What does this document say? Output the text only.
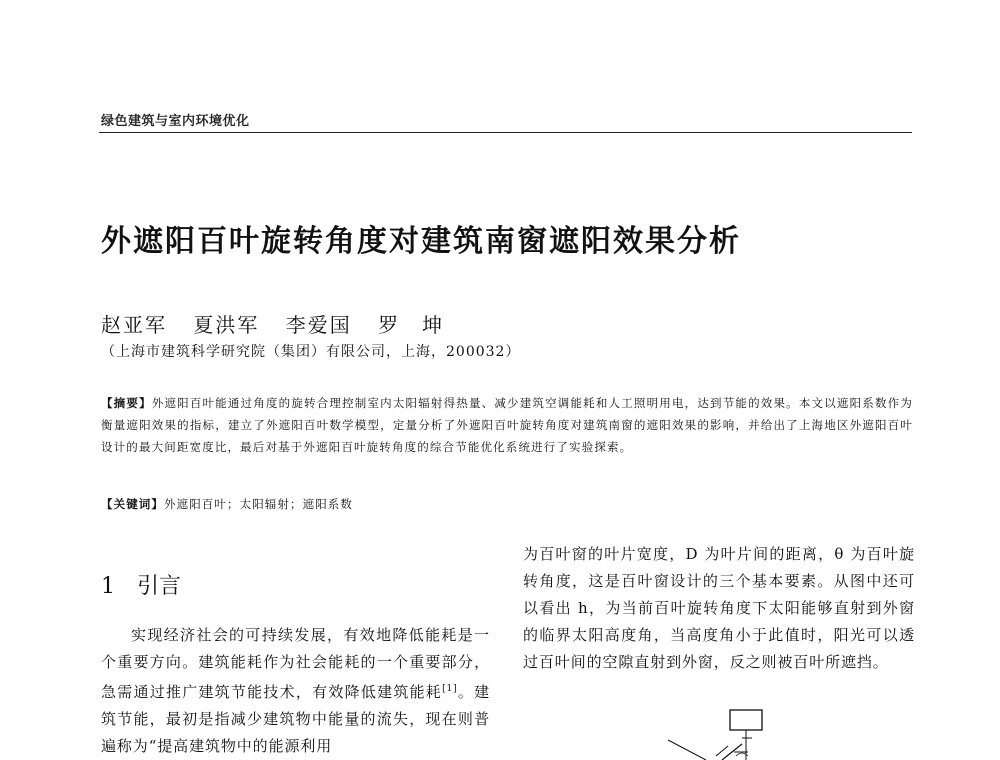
绿色建筑与室内环境优化
外遮阳百叶旋转角度对建筑南窗遮阳效果分析
赵亚军 夏洪军 李爱国 罗　坤
（上海市建筑科学研究院（集团）有限公司，上海，200032）
【摘要】外遮阳百叶能通过角度的旋转合理控制室内太阳辐射得热量、减少建筑空调能耗和人工照明用电，达到节能的效果。本文以遮阳系数作为衡量遮阳效果的指标，建立了外遮阳百叶数学模型，定量分析了外遮阳百叶旋转角度对建筑南窗的遮阳效果的影响，并给出了上海地区外遮阳百叶设计的最大间距宽度比，最后对基于外遮阳百叶旋转角度的综合节能优化系统进行了实验探索。
【关键词】外遮阳百叶；太阳辐射；遮阳系数
1 引言

实现经济社会的可持续发展，有效地降低能耗是一个重要方向。建筑能耗作为社会能耗的一个重要部分，急需通过推广建筑节能技术，有效降低建筑能耗[1]。建筑节能，最初是指减少建筑物中能量的流失，现在则普遍称为“提高建筑物中的能源利用

为百叶窗的叶片宽度，D 为叶片间的距离，θ 为百叶旋转角度，这是百叶窗设计的三个基本要素。从图中还可以看出 h，为当前百叶旋转角度下太阳能够直射到外窗的临界太阳高度角，当高度角小于此值时，阳光可以透过百叶间的空隙直射到外窗，反之则被百叶所遮挡。
